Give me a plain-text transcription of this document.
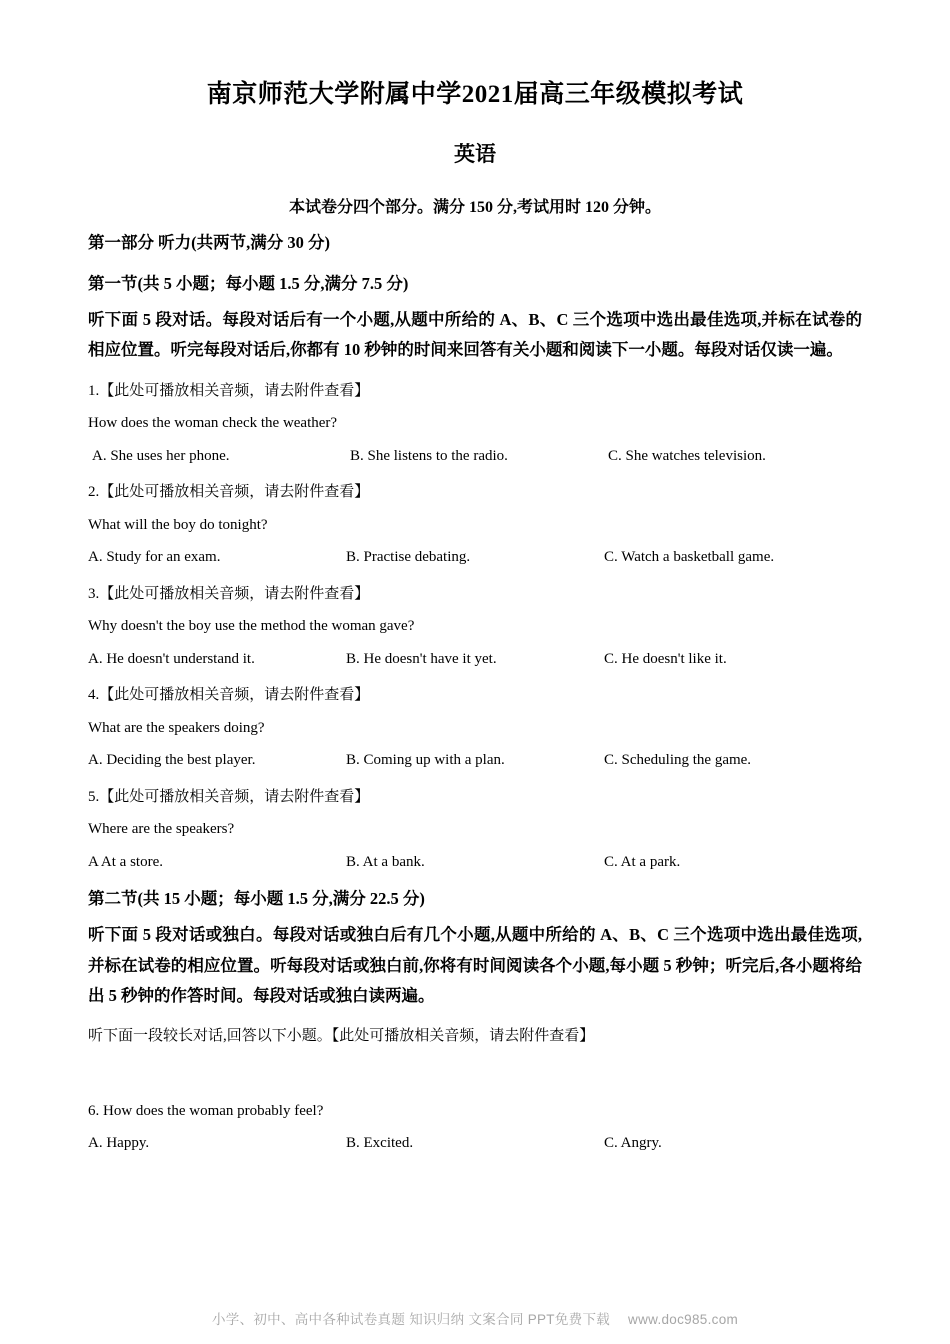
南京师范大学附属中学2021届高三年级模拟考试
英语
本试卷分四个部分。满分 150 分,考试用时 120 分钟。
第一部分 听力(共两节,满分 30 分)
第一节(共 5 小题；每小题 1.5 分,满分 7.5 分)
听下面 5 段对话。每段对话后有一个小题,从题中所给的 A、B、C 三个选项中选出最佳选项,并标在试卷的相应位置。听完每段对话后,你都有 10 秒钟的时间来回答有关小题和阅读下一小题。每段对话仅读一遍。
1.【此处可播放相关音频，请去附件查看】
How does the woman check the weather?
A. She uses her phone.	B. She listens to the radio.	C. She watches television.
2.【此处可播放相关音频，请去附件查看】
What will the boy do tonight?
A. Study for an exam.	B. Practise debating.	C. Watch a basketball game.
3.【此处可播放相关音频，请去附件查看】
Why doesn't the boy use the method the woman gave?
A. He doesn't understand it.	B. He doesn't have it yet.	C. He doesn't like it.
4.【此处可播放相关音频，请去附件查看】
What are the speakers doing?
A. Deciding the best player.	B. Coming up with a plan.	C. Scheduling the game.
5.【此处可播放相关音频，请去附件查看】
Where are the speakers?
A At a store.	B. At a bank.	C. At a park.
第二节(共 15 小题；每小题 1.5 分,满分 22.5 分)
听下面 5 段对话或独白。每段对话或独白后有几个小题,从题中所给的 A、B、C 三个选项中选出最佳选项,并标在试卷的相应位置。听每段对话或独白前,你将有时间阅读各个小题,每小题 5 秒钟；听完后,各小题将给出 5 秒钟的作答时间。每段对话或独白读两遍。
听下面一段较长对话,回答以下小题。【此处可播放相关音频，请去附件查看】
6. How does the woman probably feel?
A. Happy.	B. Excited.	C. Angry.
小学、初中、高中各种试卷真题 知识归纳 文案合同 PPT免费下载 www.doc985.com
